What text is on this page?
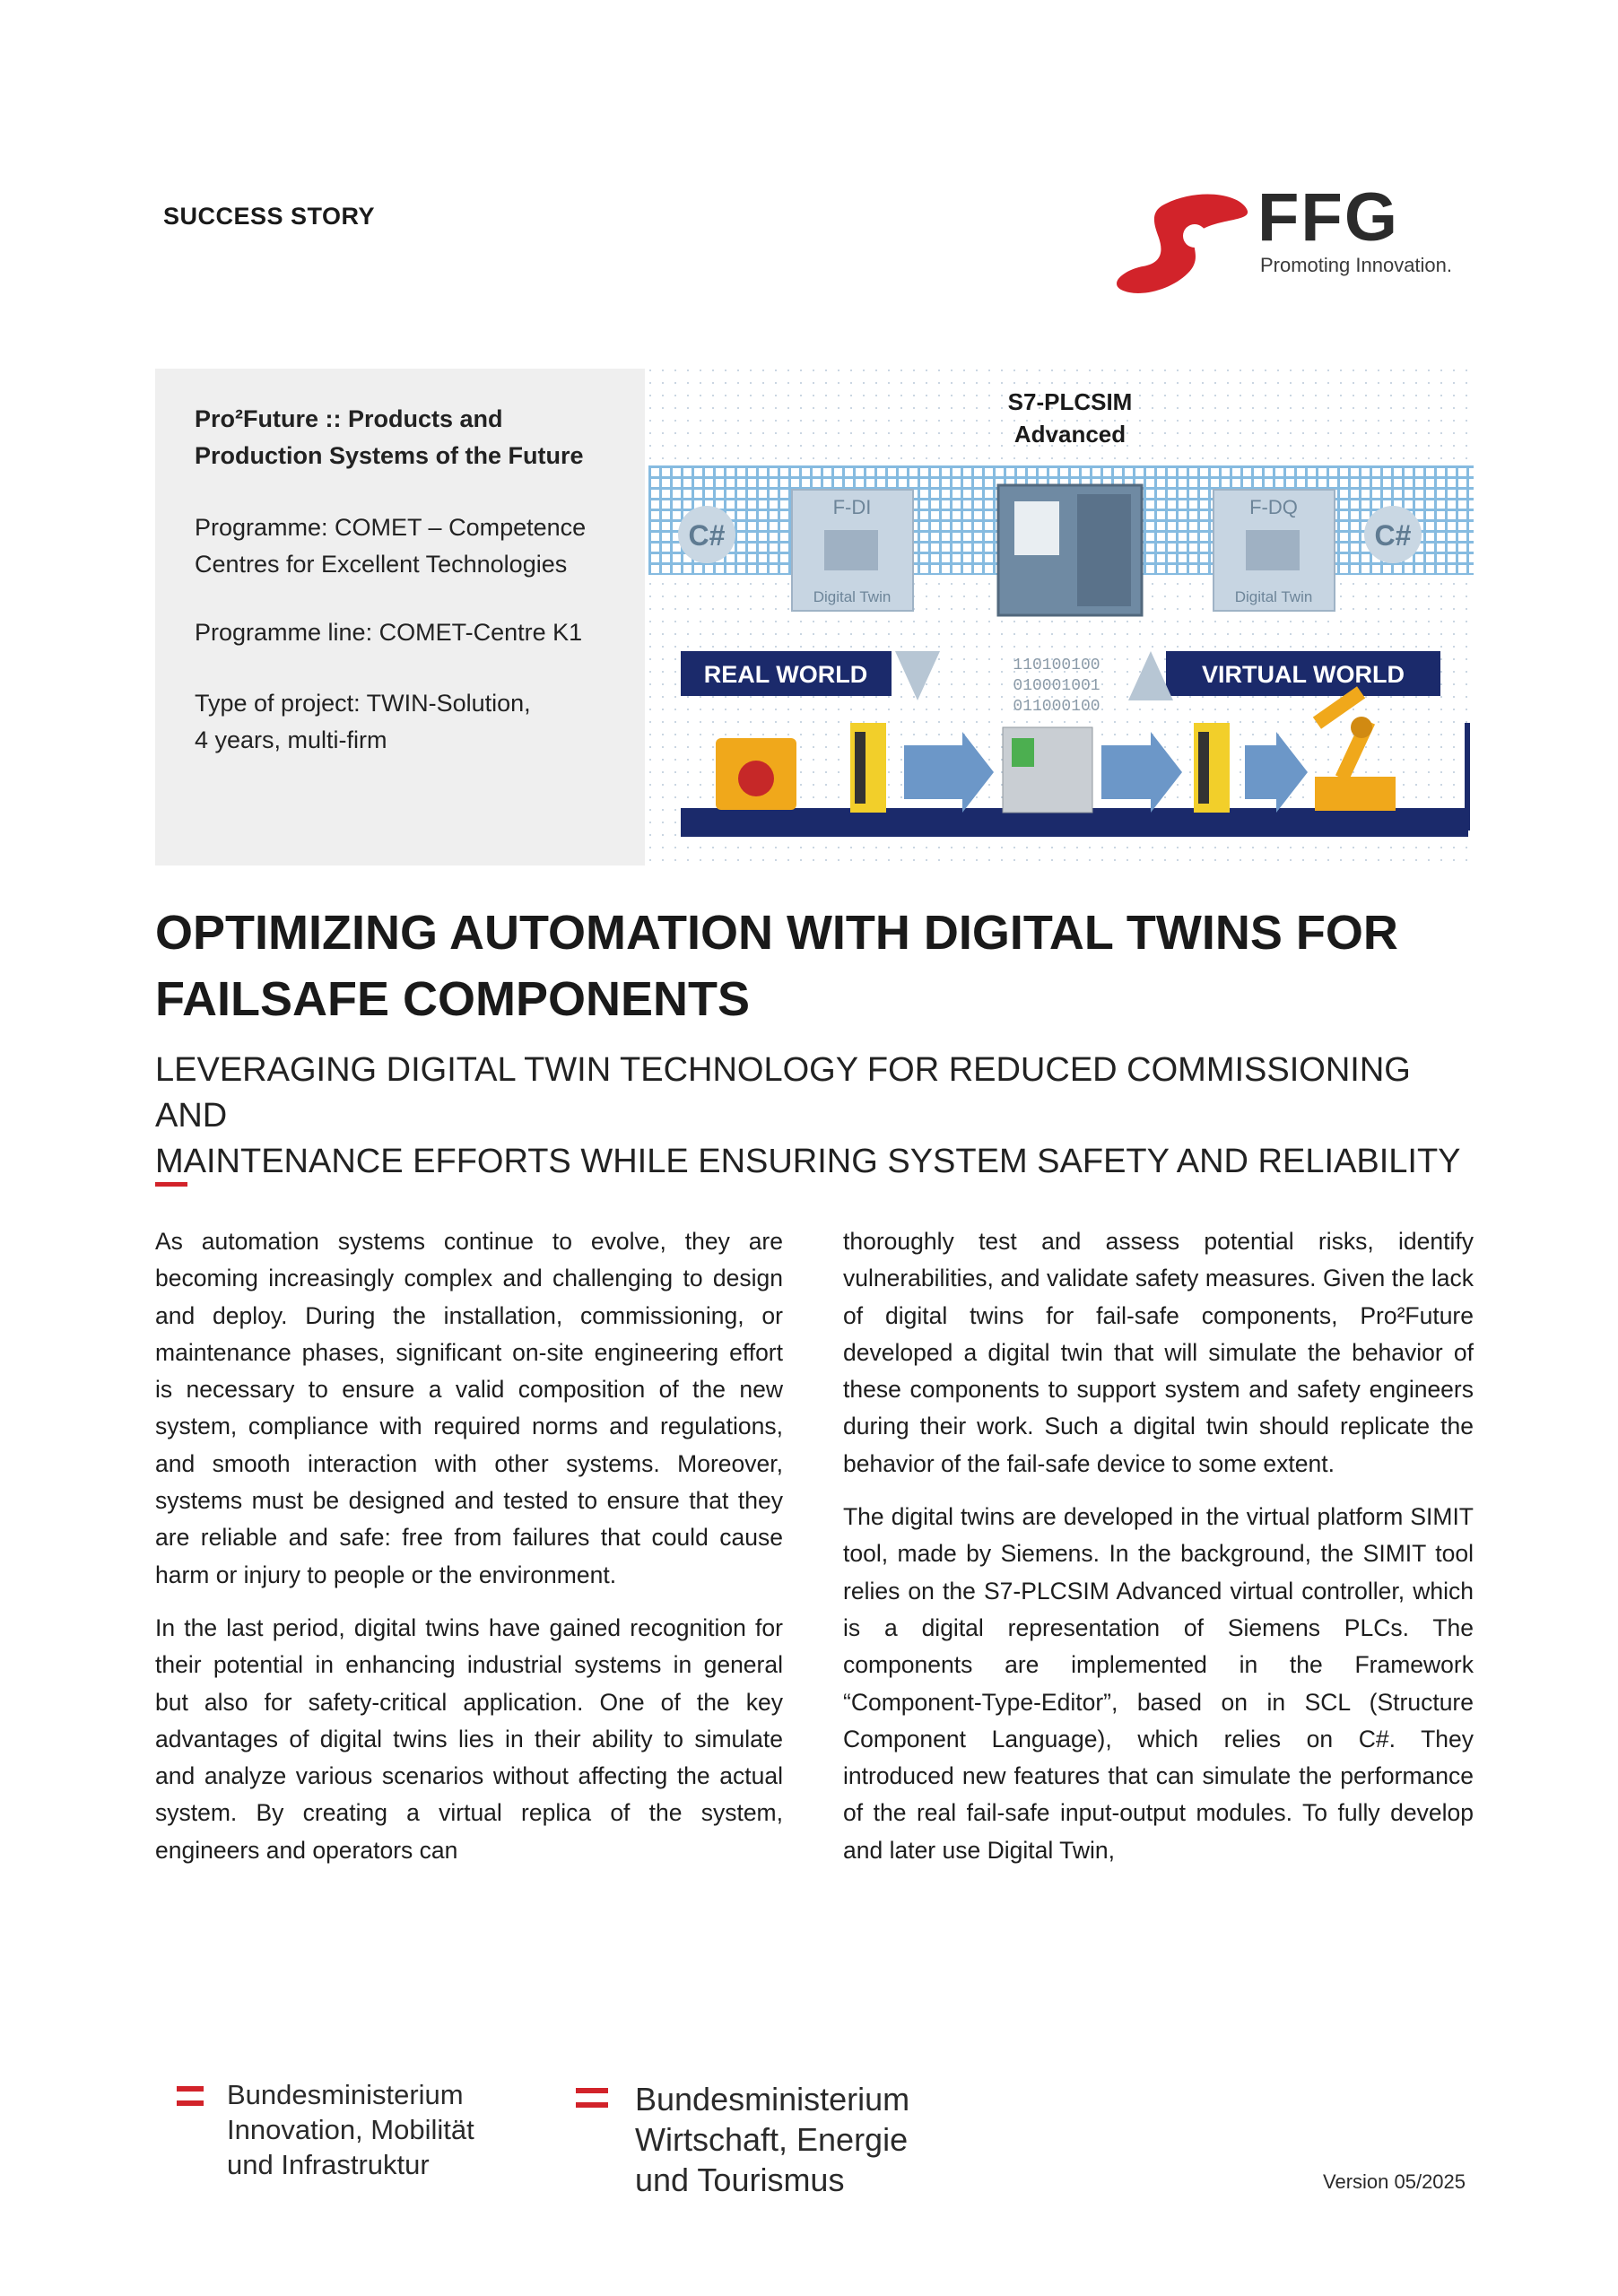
SUCCESS STORY	FFG
Promoting Innovation.
Pro²Future :: Products and
Production Systems of the Future
Programme: COMET – Competence
Centres for Excellent Technologies
Programme line: COMET-Centre K1
Type of project: TWIN-Solution,
4 years, multi-firm
S7-PLCSIM
Advanced
C#
F-DI
Digital Twin
F-DQ
Digital Twin
C#
REAL WORLD	VIRTUAL WORLD
110100100
010001001
011000100
OPTIMIZING AUTOMATION WITH DIGITAL TWINS FOR
FAILSAFE COMPONENTS
LEVERAGING DIGITAL TWIN TECHNOLOGY FOR REDUCED COMMISSIONING AND
MAINTENANCE EFFORTS WHILE ENSURING SYSTEM SAFETY AND RELIABILITY

As automation systems continue to evolve, they are becoming increasingly complex and challenging to design and deploy. During the installation, commissioning, or maintenance phases, significant on-site engineering effort is necessary to ensure a valid composition of the new system, compliance with required norms and regulations, and smooth interaction with other systems. Moreover, systems must be designed and tested to ensure that they are reliable and safe: free from failures that could cause harm or injury to people or the environment.

In the last period, digital twins have gained recognition for their potential in enhancing industrial systems in general but also for safety-critical application. One of the key advantages of digital twins lies in their ability to simulate and analyze various scenarios without affecting the actual system. By creating a virtual replica of the system, engineers and operators can

thoroughly test and assess potential risks, identify vulnerabilities, and validate safety measures. Given the lack of digital twins for fail-safe components, Pro²Future developed a digital twin that will simulate the behavior of these components to support system and safety engineers during their work. Such a digital twin should replicate the behavior of the fail-safe device to some extent.

The digital twins are developed in the virtual platform SIMIT tool, made by Siemens. In the background, the SIMIT tool relies on the S7-PLCSIM Advanced virtual controller, which is a digital representation of Siemens PLCs. The components are implemented in the Framework “Component-Type-Editor”, based on in SCL (Structure Component Language), which relies on C#. They introduced new features that can simulate the performance of the real fail-safe input-output modules. To fully develop and later use Digital Twin,

Bundesministerium
Innovation, Mobilität
und Infrastruktur
Bundesministerium
Wirtschaft, Energie
und Tourismus	Version 05/2025
